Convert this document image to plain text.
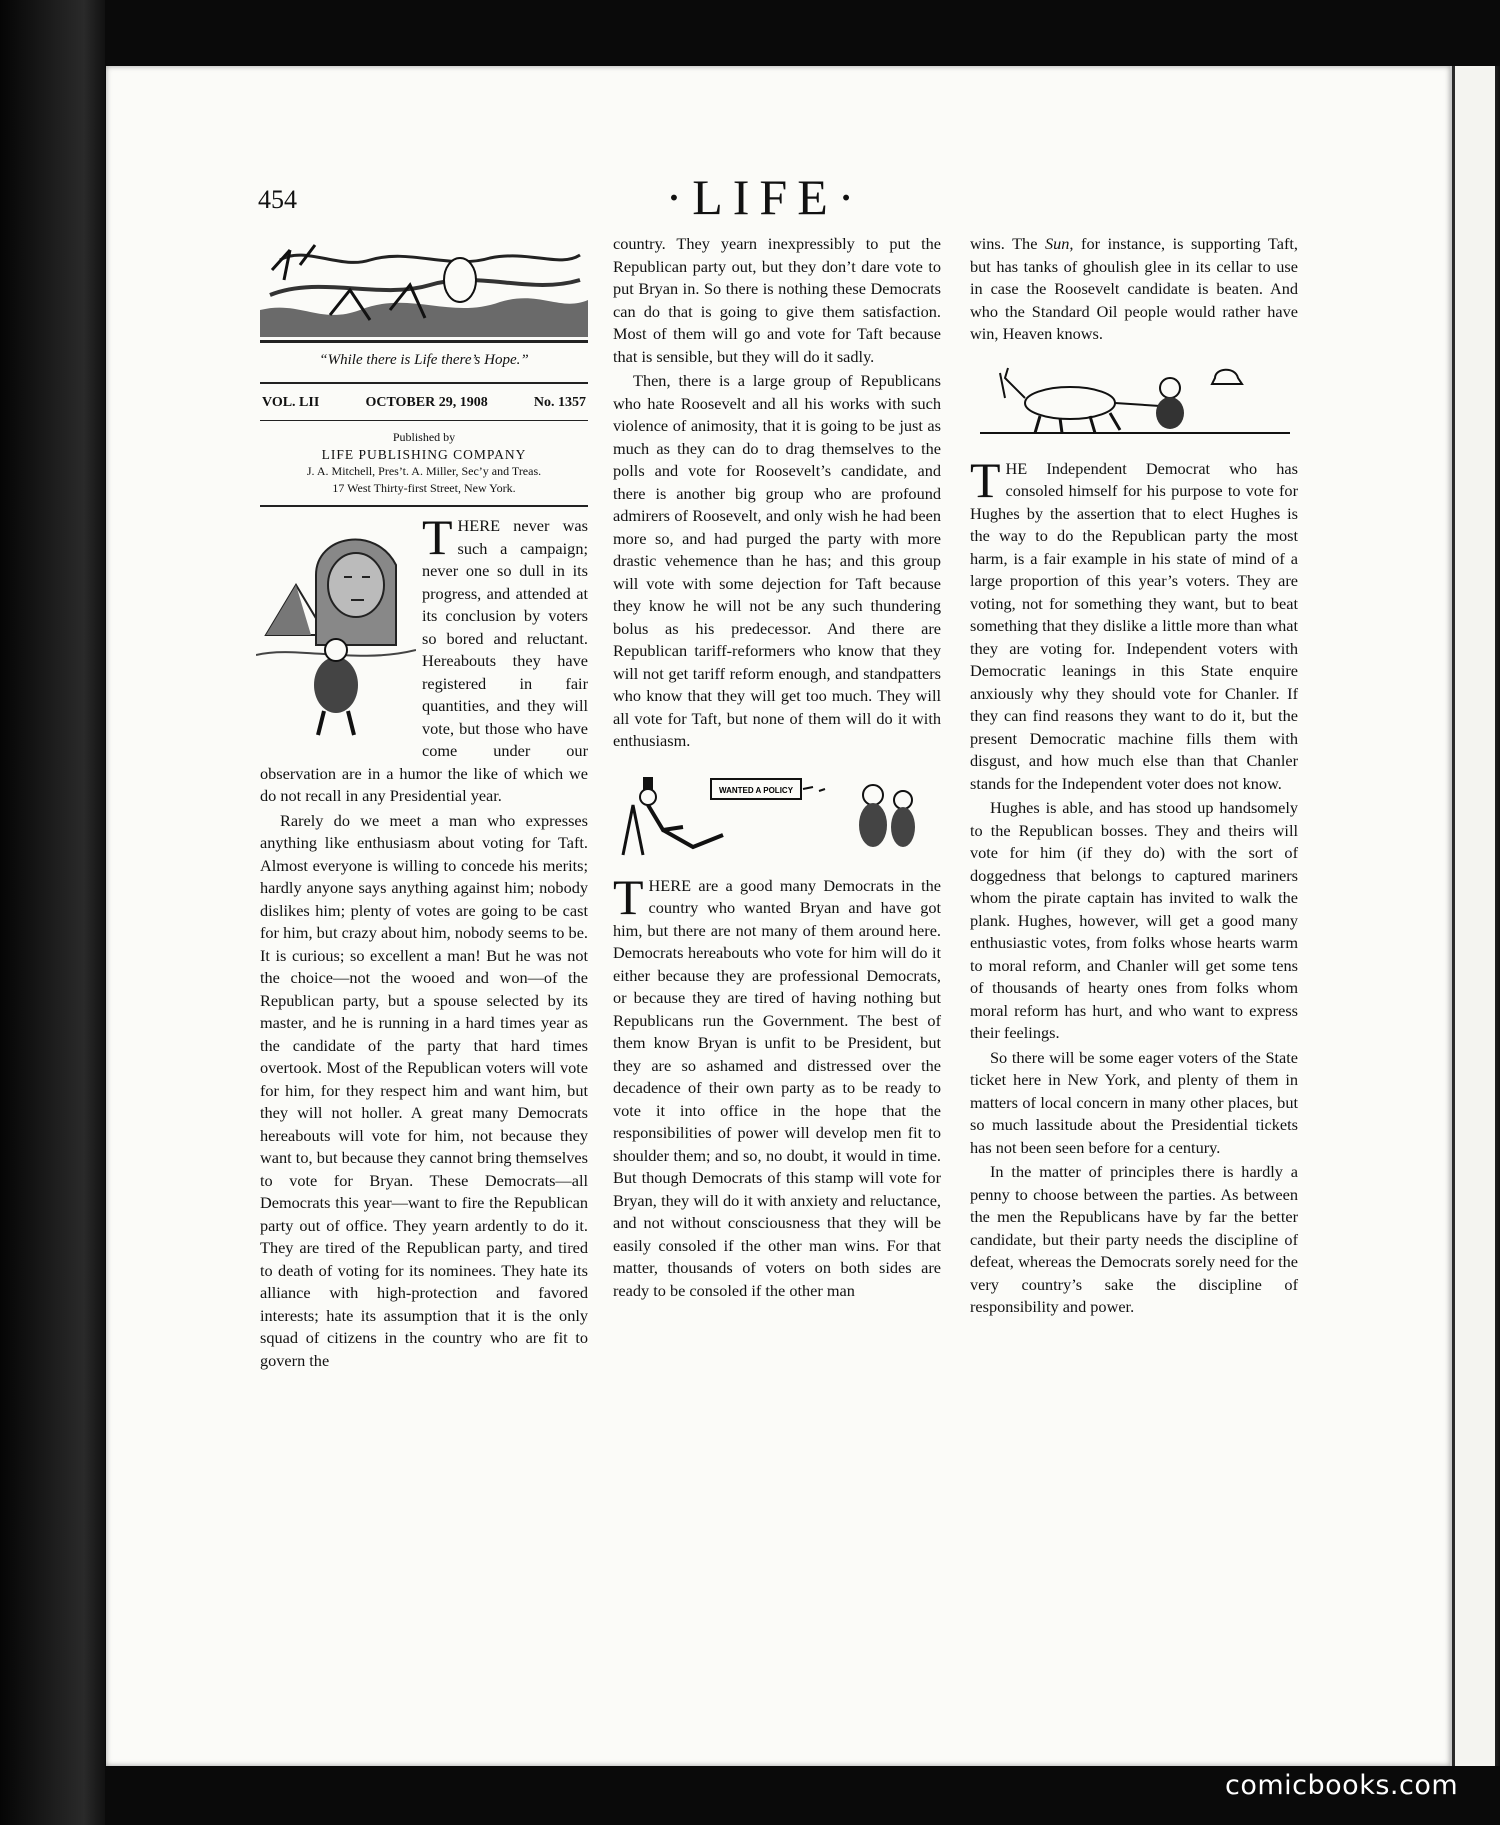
454	·LIFE·
“While there is Life there’s Hope.”
VOL. LII	OCTOBER 29, 1908	No. 1357
Published by
LIFE PUBLISHING COMPANY
J. A. Mitchell, Pres’t. A. Miller, Sec’y and Treas.
17 West Thirty-first Street, New York.

THERE never was such a campaign; never one so dull in its progress, and attended at its conclusion by voters so bored and reluctant. Hereabouts they have registered in fair quantities, and they will vote, but those who have come under our observation are in a humor the like of which we do not recall in any Presidential year.

Rarely do we meet a man who expresses anything like enthusiasm about voting for Taft. Almost everyone is willing to concede his merits; hardly anyone says anything against him; nobody dislikes him; plenty of votes are going to be cast for him, but crazy about him, nobody seems to be. It is curious; so excellent a man! But he was not the choice—not the wooed and won—of the Republican party, but a spouse selected by its master, and he is running in a hard times year as the candidate of the party that hard times overtook. Most of the Republican voters will vote for him, for they respect him and want him, but they will not holler. A great many Democrats hereabouts will vote for him, not because they want to, but because they cannot bring themselves to vote for Bryan. These Democrats—all Democrats this year—want to fire the Republican party out of office. They yearn ardently to do it. They are tired of the Republican party, and tired to death of voting for its nominees. They hate its alliance with high-protection and favored interests; hate its assumption that it is the only squad of citizens in the country who are fit to govern the

country. They yearn inexpressibly to put the Republican party out, but they don’t dare vote to put Bryan in. So there is nothing these Democrats can do that is going to give them satisfaction. Most of them will go and vote for Taft because that is sensible, but they will do it sadly.

Then, there is a large group of Republicans who hate Roosevelt and all his works with such violence of animosity, that it is going to be just as much as they can do to drag themselves to the polls and vote for Roosevelt’s candidate, and there is another big group who are profound admirers of Roosevelt, and only wish he had been more so, and had purged the party with more drastic vehemence than he has; and this group will vote with some dejection for Taft because they know he will not be any such thundering bolus as his predecessor. And there are Republican tariff-reformers who know that they will not get tariff reform enough, and standpatters who know that they will get too much. They will all vote for Taft, but none of them will do it with enthusiasm.

WANTED A POLICY

THERE are a good many Democrats in the country who wanted Bryan and have got him, but there are not many of them around here. Democrats hereabouts who vote for him will do it either because they are professional Democrats, or because they are tired of having nothing but Republicans run the Government. The best of them know Bryan is unfit to be President, but they are so ashamed and distressed over the decadence of their own party as to be ready to vote it into office in the hope that the responsibilities of power will develop men fit to shoulder them; and so, no doubt, it would in time. But though Democrats of this stamp will vote for Bryan, they will do it with anxiety and reluctance, and not without consciousness that they will be easily consoled if the other man wins. For that matter, thousands of voters on both sides are ready to be consoled if the other man

wins. The Sun, for instance, is supporting Taft, but has tanks of ghoulish glee in its cellar to use in case the Roosevelt candidate is beaten. And who the Standard Oil people would rather have win, Heaven knows.

THE Independent Democrat who has consoled himself for his purpose to vote for Hughes by the assertion that to elect Hughes is the way to do the Republican party the most harm, is a fair example in his state of mind of a large proportion of this year’s voters. They are voting, not for something they want, but to beat something that they dislike a little more than what they are voting for. Independent voters with Democratic leanings in this State enquire anxiously why they should vote for Chanler. If they can find reasons they want to do it, but the present Democratic machine fills them with disgust, and how much else than that Chanler stands for the Independent voter does not know.

Hughes is able, and has stood up handsomely to the Republican bosses. They and theirs will vote for him (if they do) with the sort of doggedness that belongs to captured mariners whom the pirate captain has invited to walk the plank. Hughes, however, will get a good many enthusiastic votes, from folks whose hearts warm to moral reform, and Chanler will get some tens of thousands of hearty ones from folks whom moral reform has hurt, and who want to express their feelings.

So there will be some eager voters of the State ticket here in New York, and plenty of them in matters of local concern in many other places, but so much lassitude about the Presidential tickets has not been seen before for a century.

In the matter of principles there is hardly a penny to choose between the parties. As between the men the Republicans have by far the better candidate, but their party needs the discipline of defeat, whereas the Democrats sorely need for the very country’s sake the discipline of responsibility and power.

comicbooks.com
